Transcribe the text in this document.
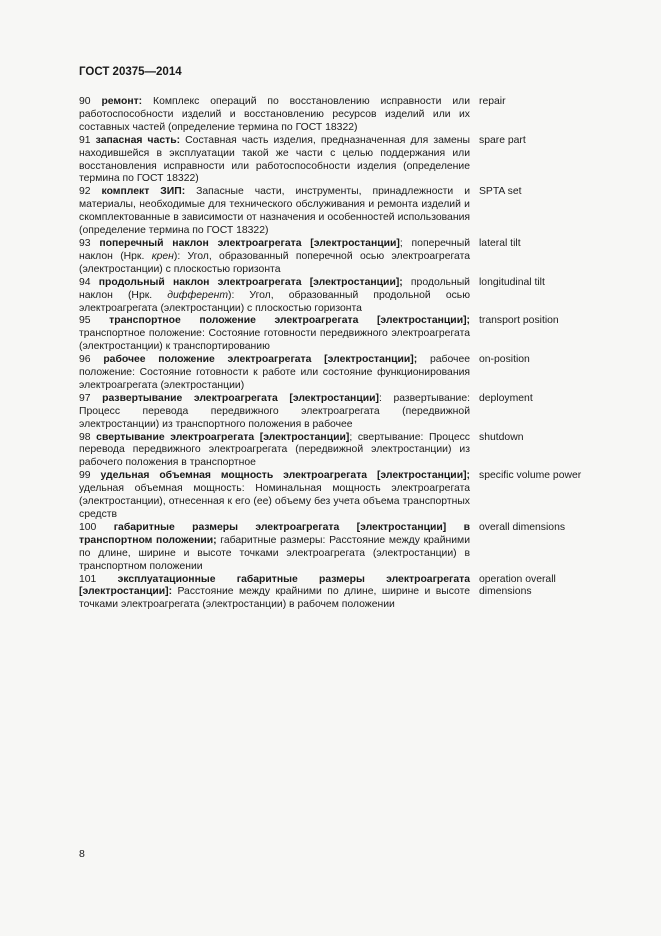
ГОСТ 20375—2014
90 ремонт: Комплекс операций по восстановлению исправности или работоспособности изделий и восстановлению ресурсов изделий или их составных частей (определение термина по ГОСТ 18322)
repair
91 запасная часть: Составная часть изделия, предназначенная для замены находившейся в эксплуатации такой же части с целью поддержания или восстановления исправности или работоспособности изделия (определение термина по ГОСТ 18322)
spare part
92 комплект ЗИП: Запасные части, инструменты, принадлежности и материалы, необходимые для технического обслуживания и ремонта изделий и скомплектованные в зависимости от назначения и особенностей использования (определение термина по ГОСТ 18322)
SPTA set
93 поперечный наклон электроагрегата [электростанции]; поперечный наклон (Нрк. крен): Угол, образованный поперечной осью электроагрегата (электростанции) с плоскостью горизонта
lateral tilt
94 продольный наклон электроагрегата [электростанции]; продольный наклон (Нрк. дифферент): Угол, образованный продольной осью электроагрегата (электростанции) с плоскостью горизонта
longitudinal tilt
95 транспортное положение электроагрегата [электростанции]; транспортное положение: Состояние готовности передвижного электроагрегата (электростанции) к транспортированию
transport position
96 рабочее положение электроагрегата [электростанции]; рабочее положение: Состояние готовности к работе или состояние функционирования электроагрегата (электростанции)
on-position
97 развертывание электроагрегата [электростанции]: развертывание: Процесс перевода передвижного электроагрегата (передвижной электростанции) из транспортного положения в рабочее
deployment
98 свертывание электроагрегата [электростанции]; свертывание: Процесс перевода передвижного электроагрегата (передвижной электростанции) из рабочего положения в транспортное
shutdown
99 удельная объемная мощность электроагрегата [электростанции]; удельная объемная мощность: Номинальная мощность электроагрегата (электростанции), отнесенная к его (ее) объему без учета объема транспортных средств
specific volume power
100 габаритные размеры электроагрегата [электростанции] в транспортном положении; габаритные размеры: Расстояние между крайними по длине, ширине и высоте точками электроагрегата (электростанции) в транспортном положении
overall dimensions
101 эксплуатационные габаритные размеры электроагрегата [электростанции]: Расстояние между крайними по длине, ширине и высоте точками электроагрегата (электростанции) в рабочем положении
operation overall dimensions
8
